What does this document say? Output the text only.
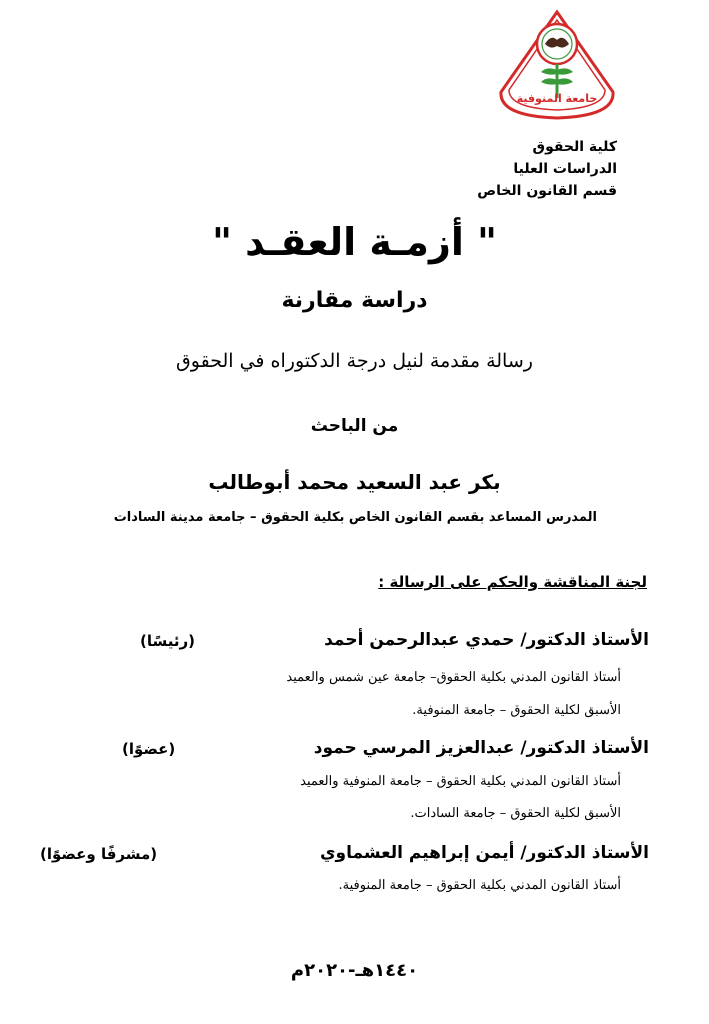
جامعة المنوفية
كلية الحقوق
الدراسات العليا
قسم القانون الخاص
" أزمـة العقـد "
دراسة مقارنة
رسالة مقدمة لنيل درجة الدكتوراه في الحقوق
من الباحث
بكر عبد السعيد محمد أبوطالب
المدرس المساعد بقسم القانون الخاص بكلية الحقوق – جامعة مدينة السادات
لجنة المناقشة والحكم على الرسالة :
الأستاذ الدكتور/ حمدي عبدالرحمن أحمد
(رئيسًا)
أستاذ القانون المدني بكلية الحقوق– جامعة عين شمس والعميد
الأسبق لكلية الحقوق – جامعة المنوفية.
الأستاذ الدكتور/ عبدالعزيز المرسي حمود
(عضوًا)
أستاذ القانون المدني بكلية الحقوق – جامعة المنوفية والعميد
الأسبق لكلية الحقوق – جامعة السادات.
الأستاذ الدكتور/ أيمن إبراهيم العشماوي
(مشرفًا وعضوًا)
أستاذ القانون المدني بكلية الحقوق – جامعة المنوفية.
١٤٤٠هـ-٢٠٢٠م
